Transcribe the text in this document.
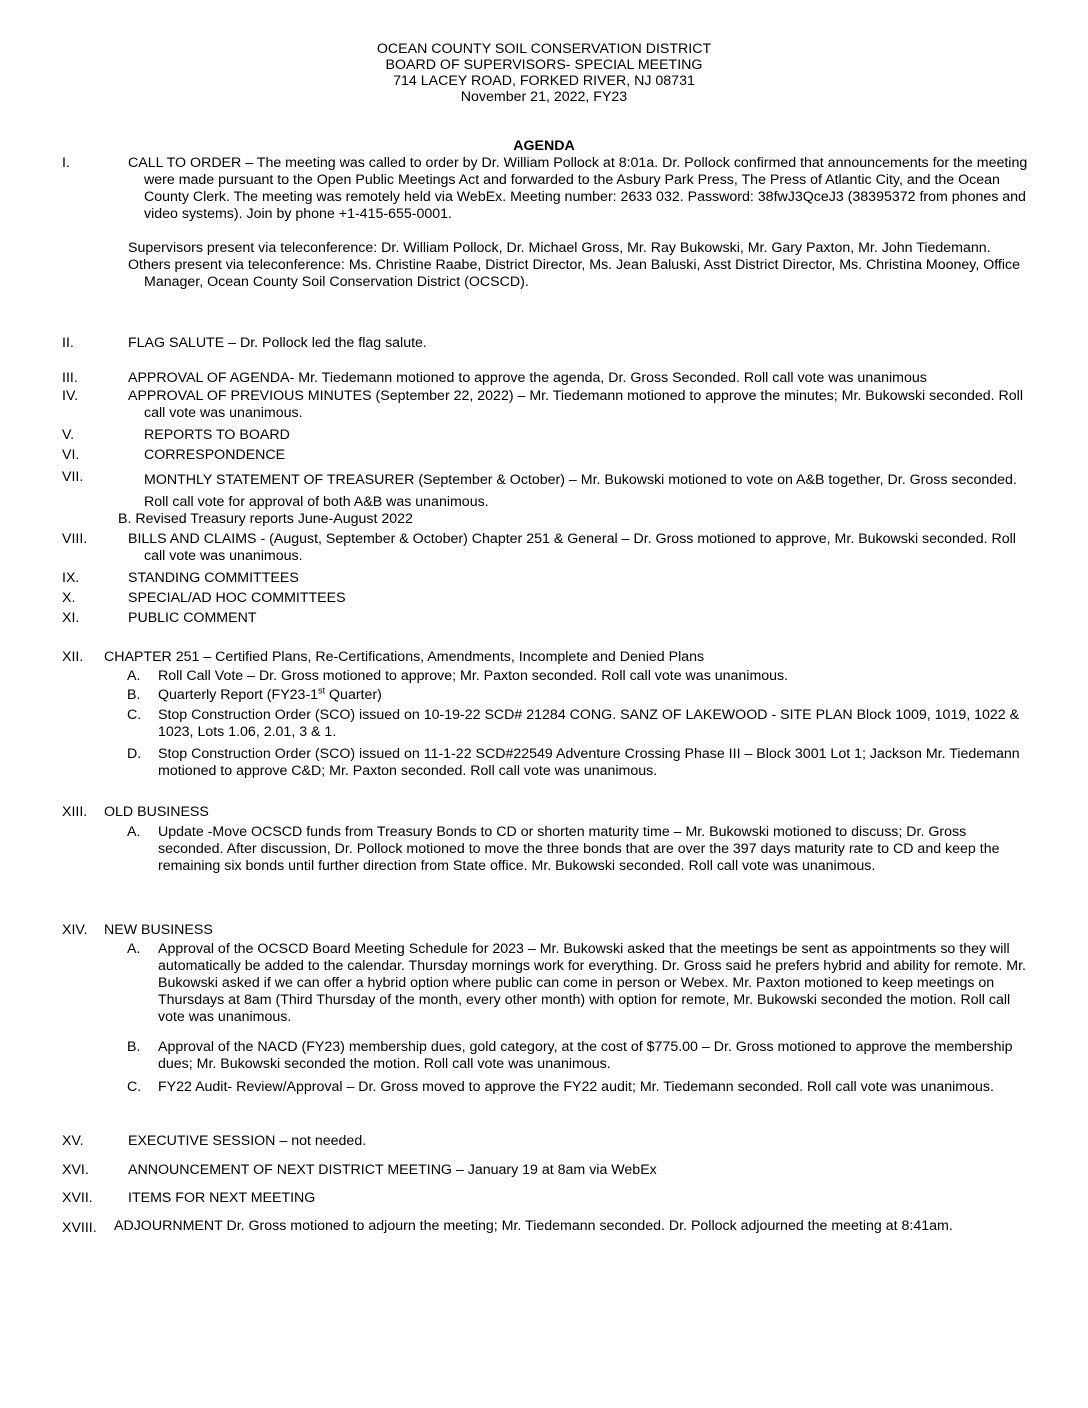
OCEAN COUNTY SOIL CONSERVATION DISTRICT
BOARD OF SUPERVISORS- SPECIAL MEETING
714 LACEY ROAD, FORKED RIVER, NJ 08731
November 21, 2022, FY23
AGENDA
I.	CALL TO ORDER – The meeting was called to order by Dr. William Pollock at 8:01a. Dr. Pollock confirmed that announcements for the meeting were made pursuant to the Open Public Meetings Act and forwarded to the Asbury Park Press, The Press of Atlantic City, and the Ocean County Clerk. The meeting was remotely held via WebEx. Meeting number: 2633 032. Password: 38fwJ3QceJ3 (38395372 from phones and video systems). Join by phone +1-415-655-0001.

Supervisors present via teleconference: Dr. William Pollock, Dr. Michael Gross, Mr. Ray Bukowski, Mr. Gary Paxton, Mr. John Tiedemann.

Others present via teleconference: Ms. Christine Raabe, District Director, Ms. Jean Baluski, Asst District Director, Ms. Christina Mooney, Office Manager, Ocean County Soil Conservation District (OCSCD).

II.	FLAG SALUTE – Dr. Pollock led the flag salute.

III.	APPROVAL OF AGENDA- Mr. Tiedemann motioned to approve the agenda, Dr. Gross Seconded. Roll call vote was unanimous

IV.	APPROVAL OF PREVIOUS MINUTES (September 22, 2022) – Mr. Tiedemann motioned to approve the minutes; Mr. Bukowski seconded. Roll call vote was unanimous.

V.	REPORTS TO BOARD

VI.	CORRESPONDENCE

VII.	MONTHLY STATEMENT OF TREASURER (September & October) – Mr. Bukowski motioned to vote on A&B together, Dr. Gross seconded. Roll call vote for approval of both A&B was unanimous.

B. Revised Treasury reports June-August 2022

VIII.	BILLS AND CLAIMS - (August, September & October) Chapter 251 & General – Dr. Gross motioned to approve, Mr. Bukowski seconded. Roll call vote was unanimous.

IX.	STANDING COMMITTEES

X.	SPECIAL/AD HOC COMMITTEES

XI.	PUBLIC COMMENT

XII. CHAPTER 251 – Certified Plans, Re-Certifications, Amendments, Incomplete and Denied Plans

A. Roll Call Vote – Dr. Gross motioned to approve; Mr. Paxton seconded. Roll call vote was unanimous.

B. Quarterly Report (FY23-1st Quarter)

C. Stop Construction Order (SCO) issued on 10-19-22 SCD# 21284 CONG. SANZ OF LAKEWOOD - SITE PLAN Block 1009, 1019, 1022 & 1023, Lots 1.06, 2.01, 3 & 1.

D. Stop Construction Order (SCO) issued on 11-1-22 SCD#22549 Adventure Crossing Phase III – Block 3001 Lot 1; Jackson Mr. Tiedemann motioned to approve C&D; Mr. Paxton seconded. Roll call vote was unanimous.

XIII. OLD BUSINESS

A. Update -Move OCSCD funds from Treasury Bonds to CD or shorten maturity time – Mr. Bukowski motioned to discuss; Dr. Gross seconded. After discussion, Dr. Pollock motioned to move the three bonds that are over the 397 days maturity rate to CD and keep the remaining six bonds until further direction from State office. Mr. Bukowski seconded. Roll call vote was unanimous.

XIV. NEW BUSINESS

A. Approval of the OCSCD Board Meeting Schedule for 2023 – Mr. Bukowski asked that the meetings be sent as appointments so they will automatically be added to the calendar. Thursday mornings work for everything. Dr. Gross said he prefers hybrid and ability for remote. Mr. Bukowski asked if we can offer a hybrid option where public can come in person or Webex. Mr. Paxton motioned to keep meetings on Thursdays at 8am (Third Thursday of the month, every other month) with option for remote, Mr. Bukowski seconded the motion. Roll call vote was unanimous.

B. Approval of the NACD (FY23) membership dues, gold category, at the cost of $775.00 – Dr. Gross motioned to approve the membership dues; Mr. Bukowski seconded the motion. Roll call vote was unanimous.

C. FY22 Audit- Review/Approval – Dr. Gross moved to approve the FY22 audit; Mr. Tiedemann seconded. Roll call vote was unanimous.

XV.	EXECUTIVE SESSION – not needed.

XVI.	ANNOUNCEMENT OF NEXT DISTRICT MEETING – January 19 at 8am via WebEx

XVII. ITEMS FOR NEXT MEETING

XVIII. ADJOURNMENT Dr. Gross motioned to adjourn the meeting; Mr. Tiedemann seconded. Dr. Pollock adjourned the meeting at 8:41am.
